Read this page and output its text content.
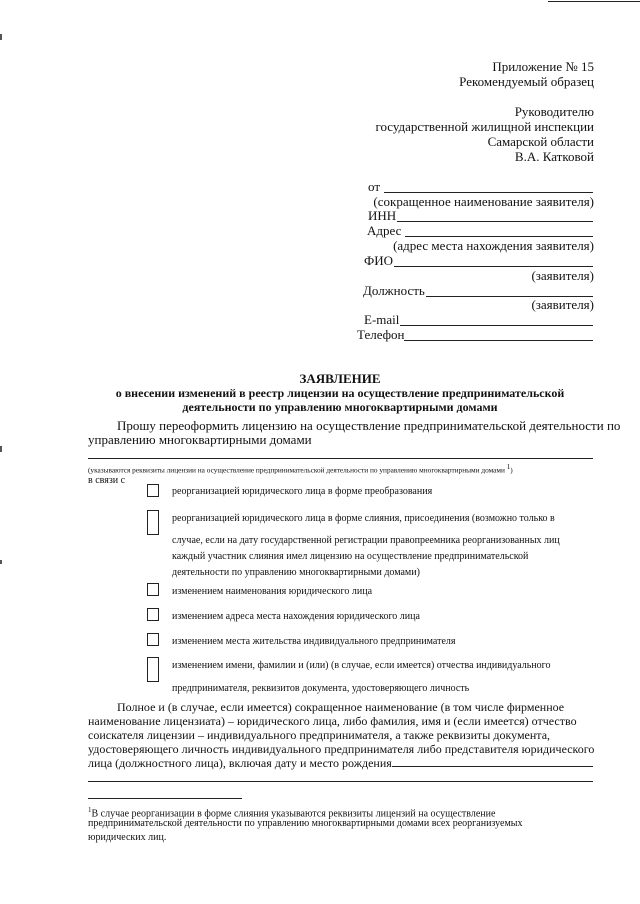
Приложение № 15
Рекомендуемый образец
Руководителю
государственной жилищной инспекции
Самарской области
В.А. Катковой
от
(сокращенное наименование заявителя)
ИНН
Адрес
(адрес места нахождения заявителя)
ФИО
(заявителя)
Должность
(заявителя)
E-mail
Телефон
ЗАЯВЛЕНИЕ
о внесении изменений в реестр лицензии на осуществление предпринимательской
деятельности по управлению многоквартирными домами
Прошу переоформить лицензию на осуществление предпринимательской деятельности по
управлению многоквартирными домами
(указываются реквизиты лицензии на осуществление предпринимательской деятельности по управлению многоквартирными домами $^1$)
в связи с
реорганизацией юридического лица в форме преобразования
реорганизацией юридического лица в форме слияния, присоединения (возможно только в
случае, если на дату государственной регистрации правопреемника реорганизованных лиц
каждый участник слияния имел лицензию на осуществление предпринимательской
деятельности по управлению многоквартирными домами)
изменением наименования юридического лица
изменением адреса места нахождения юридического лица
изменением места жительства индивидуального предпринимателя
изменением имени, фамилии и (или) (в случае, если имеется) отчества индивидуального
предпринимателя, реквизитов документа, удостоверяющего личность
Полное и (в случае, если имеется) сокращенное наименование (в том числе фирменное
наименование лицензиата) – юридического лица, либо фамилия, имя и (если имеется) отчество
соискателя лицензии – индивидуального предпринимателя, а также реквизиты документа,
удостоверяющего личность индивидуального предпринимателя либо представителя юридического
лица (должностного лица), включая дату и место рождения
$^1$В случае реорганизации в форме слияния указываются реквизиты лицензий на осуществление
предпринимательской деятельности по управлению многоквартирными домами всех реорганизуемых
юридических лиц.
